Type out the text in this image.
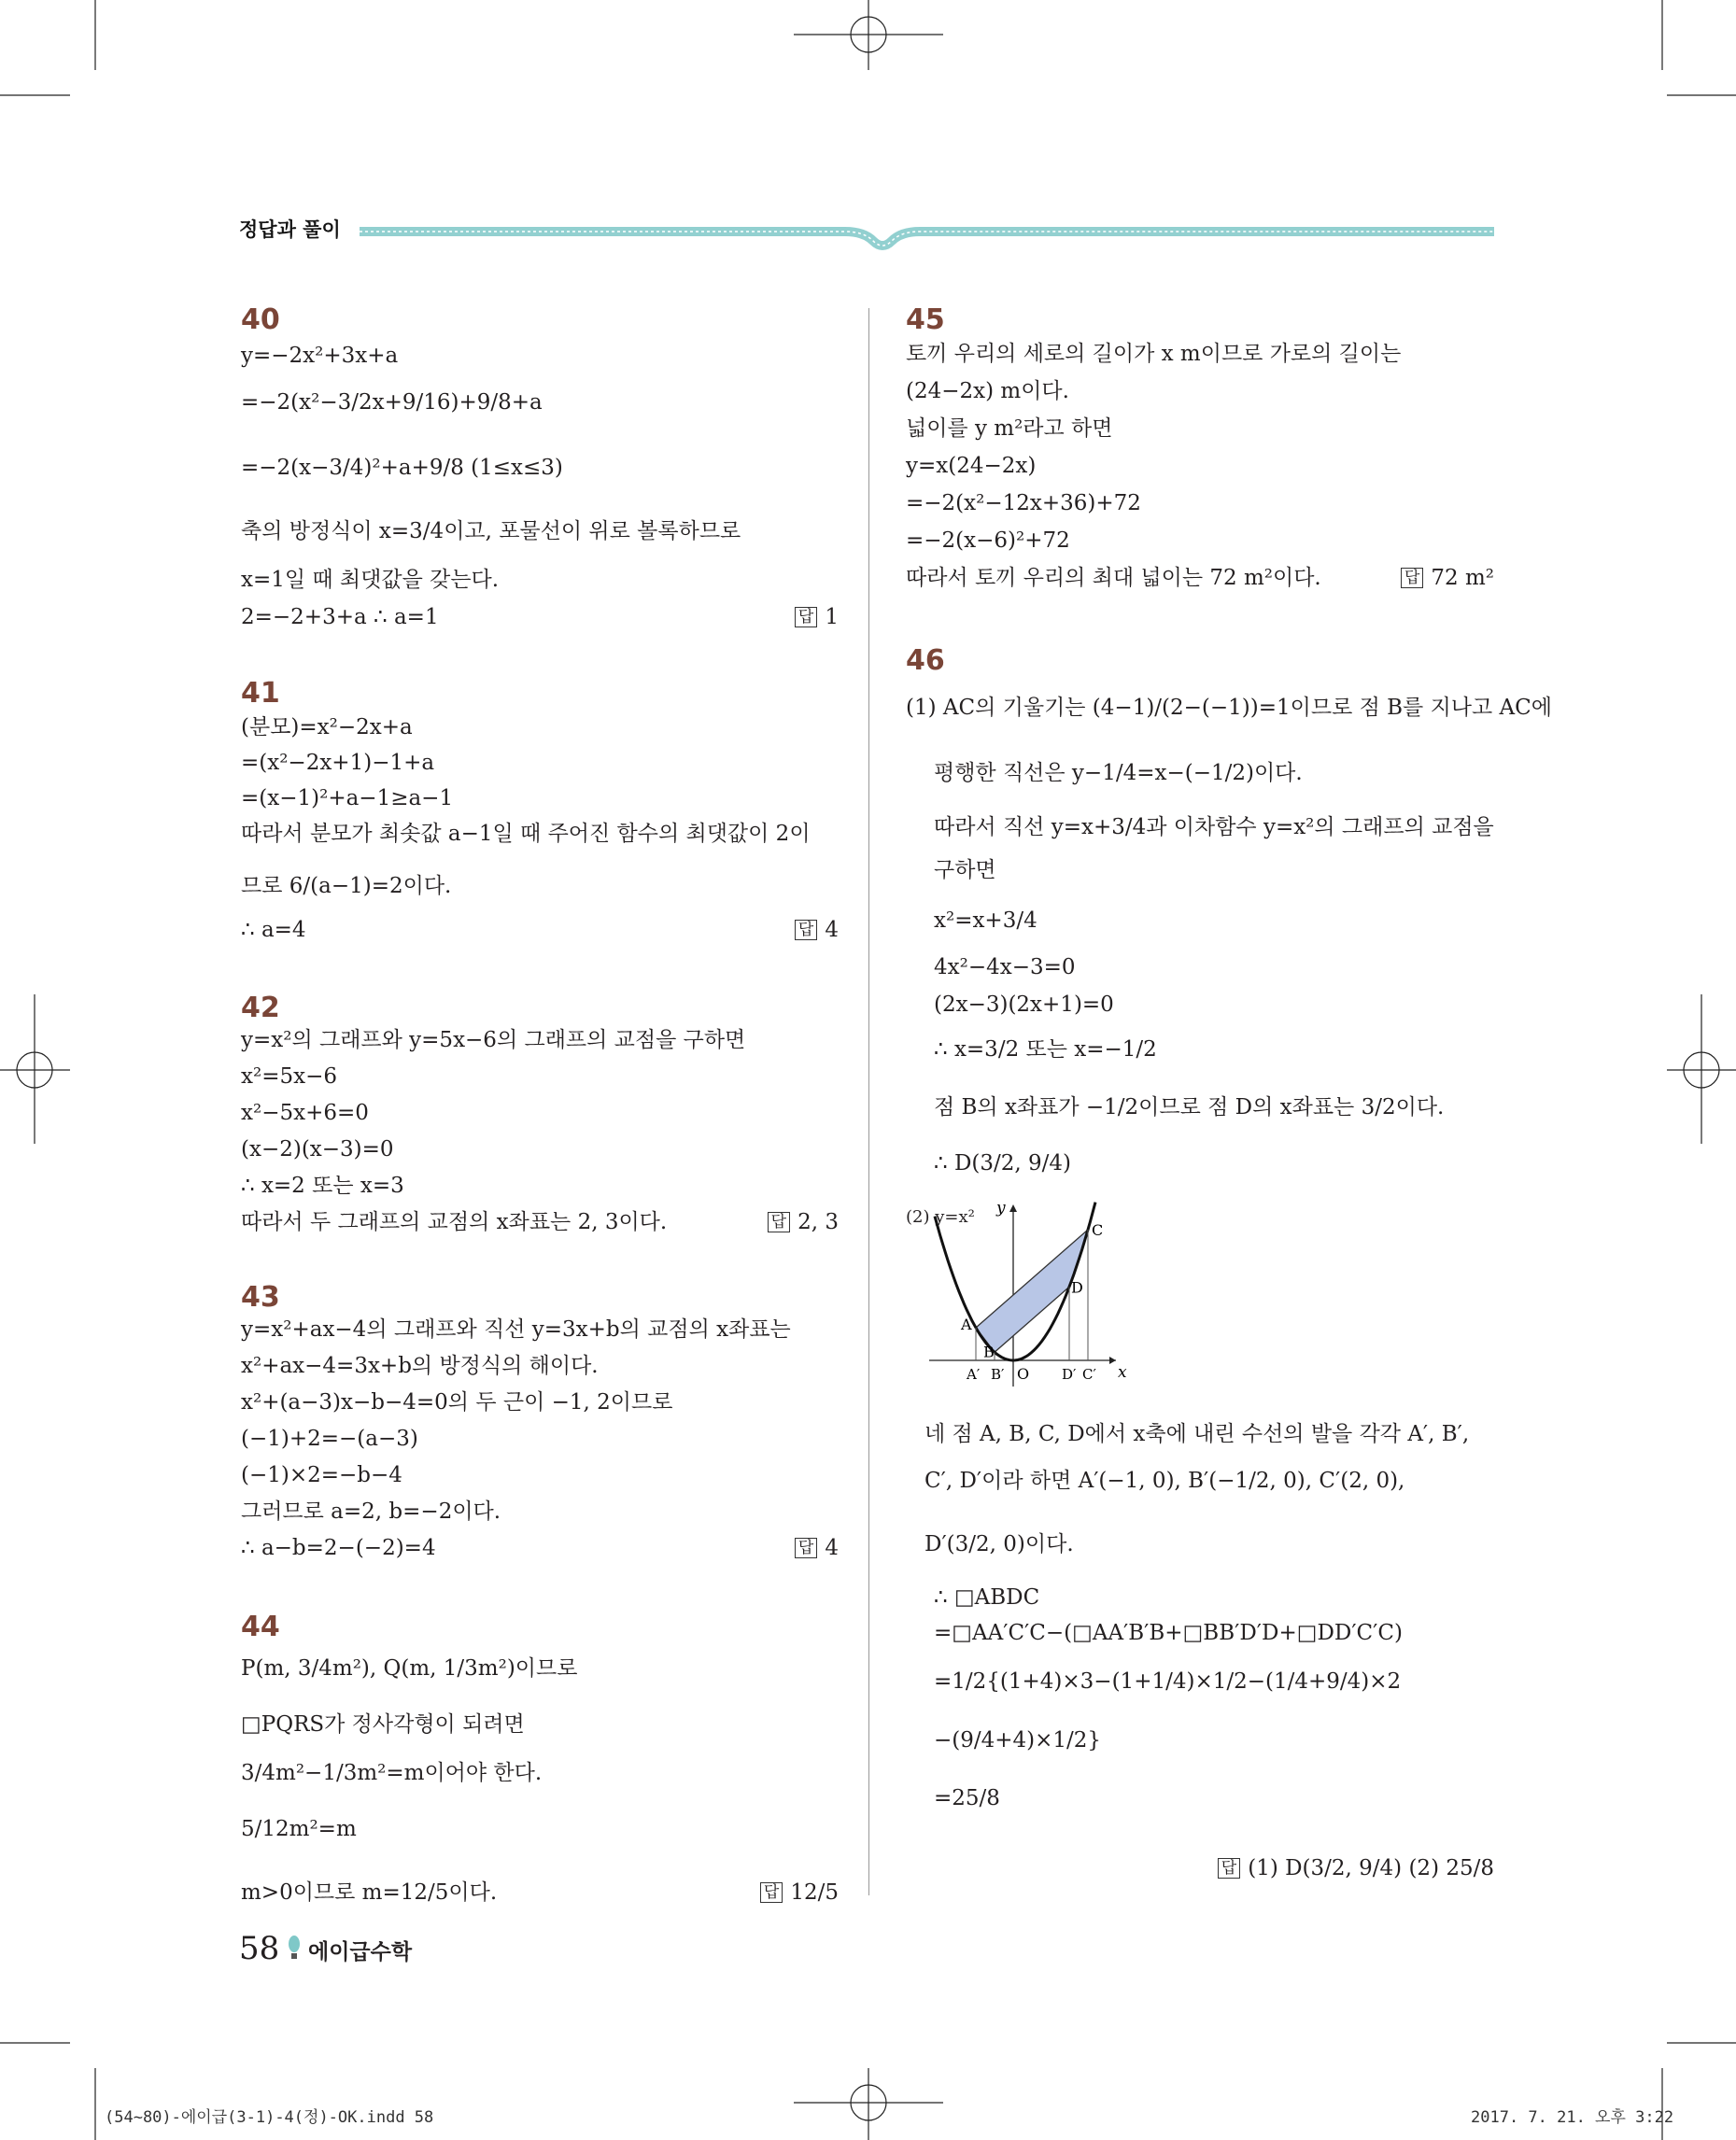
정답과 풀이
40
y=−2x²+3x+a
=−2(x²−3/2x+9/16)+9/8+a
=−2(x−3/4)²+a+9/8 (1≤x≤3)
축의 방정식이 x=3/4이고, 포물선이 위로 볼록하므로
x=1일 때 최댓값을 갖는다.
2=−2+3+a ∴ a=1	답 1
41
(분모)=x²−2x+a
=(x²−2x+1)−1+a
=(x−1)²+a−1≥a−1
따라서 분모가 최솟값 a−1일 때 주어진 함수의 최댓값이 2이
므로 6/(a−1)=2이다.
∴ a=4	답 4
42
y=x²의 그래프와 y=5x−6의 그래프의 교점을 구하면
x²=5x−6
x²−5x+6=0
(x−2)(x−3)=0
∴ x=2 또는 x=3
따라서 두 그래프의 교점의 x좌표는 2, 3이다.	답 2, 3
43
y=x²+ax−4의 그래프와 직선 y=3x+b의 교점의 x좌표는
x²+ax−4=3x+b의 방정식의 해이다.
x²+(a−3)x−b−4=0의 두 근이 −1, 2이므로
(−1)+2=−(a−3)
(−1)×2=−b−4
그러므로 a=2, b=−2이다.
∴ a−b=2−(−2)=4	답 4
44
P(m, 3/4m²), Q(m, 1/3m²)이므로
□PQRS가 정사각형이 되려면
3/4m²−1/3m²=m이어야 한다.
5/12m²=m
m>0이므로 m=12/5이다.	답 12/5
45
토끼 우리의 세로의 길이가 x m이므로 가로의 길이는
(24−2x) m이다.
넓이를 y m²라고 하면
y=x(24−2x)
=−2(x²−12x+36)+72
=−2(x−6)²+72
따라서 토끼 우리의 최대 넓이는 72 m²이다.	답 72 m²
46
(1) AC의 기울기는 (4−1)/(2−(−1))=1이므로 점 B를 지나고 AC에
평행한 직선은 y−1/4=x−(−1/2)이다.
따라서 직선 y=x+3/4과 이차함수 y=x²의 그래프의 교점을
구하면
x²=x+3/4
4x²−4x−3=0
(2x−3)(2x+1)=0
∴ x=3/2 또는 x=−1/2
점 B의 x좌표가 −1/2이므로 점 D의 x좌표는 3/2이다.
∴ D(3/2, 9/4)
(2) y=x² y
x
O
A
B
C
D
A′ B′	D′ C′
네 점 A, B, C, D에서 x축에 내린 수선의 발을 각각 A′, B′,
C′, D′이라 하면 A′(−1, 0), B′(−1/2, 0), C′(2, 0),
D′(3/2, 0)이다.
∴ □ABDC
=□AA′C′C−(□AA′B′B+□BB′D′D+□DD′C′C)
=1/2{(1+4)×3−(1+1/4)×1/2−(1/4+9/4)×2
−(9/4+4)×1/2}
=25/8
답 (1) D(3/2, 9/4) (2) 25/8
58 에이급수학
(54~80)-에이급(3-1)-4(정)-OK.indd 58	2017. 7. 21. 오후 3:22
